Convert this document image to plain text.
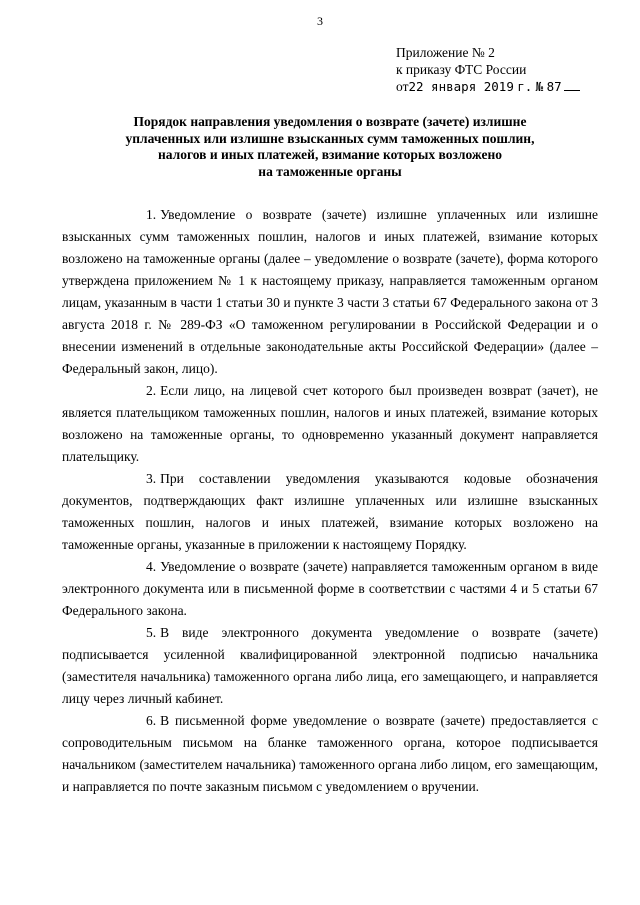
3
Приложение № 2
к приказу ФТС России
от22 января 2019 г. № 87
Порядок направления уведомления о возврате (зачете) излишне
уплаченных или излишне взысканных сумм таможенных пошлин,
налогов и иных платежей, взимание которых возложено
на таможенные органы

1. Уведомление о возврате (зачете) излишне уплаченных или излишне взысканных сумм таможенных пошлин, налогов и иных платежей, взимание которых возложено на таможенные органы (далее – уведомление о возврате (зачете), форма которого утверждена приложением № 1 к настоящему приказу, направляется таможенным органом лицам, указанным в части 1 статьи 30 и пункте 3 части 3 статьи 67 Федерального закона от 3 августа 2018 г. № 289-ФЗ «О таможенном регулировании в Российской Федерации и о внесении изменений в отдельные законодательные акты Российской Федерации» (далее – Федеральный закон, лицо).

2. Если лицо, на лицевой счет которого был произведен возврат (зачет), не является плательщиком таможенных пошлин, налогов и иных платежей, взимание которых возложено на таможенные органы, то одновременно указанный документ направляется плательщику.

3. При составлении уведомления указываются кодовые обозначения документов, подтверждающих факт излишне уплаченных или излишне взысканных таможенных пошлин, налогов и иных платежей, взимание которых возложено на таможенные органы, указанные в приложении к настоящему Порядку.

4. Уведомление о возврате (зачете) направляется таможенным органом в виде электронного документа или в письменной форме в соответствии с частями 4 и 5 статьи 67 Федерального закона.

5. В виде электронного документа уведомление о возврате (зачете) подписывается усиленной квалифицированной электронной подписью начальника (заместителя начальника) таможенного органа либо лица, его замещающего, и направляется лицу через личный кабинет.

6. В письменной форме уведомление о возврате (зачете) предоставляется с сопроводительным письмом на бланке таможенного органа, которое подписывается начальником (заместителем начальника) таможенного органа либо лицом, его замещающим, и направляется по почте заказным письмом с уведомлением о вручении.
